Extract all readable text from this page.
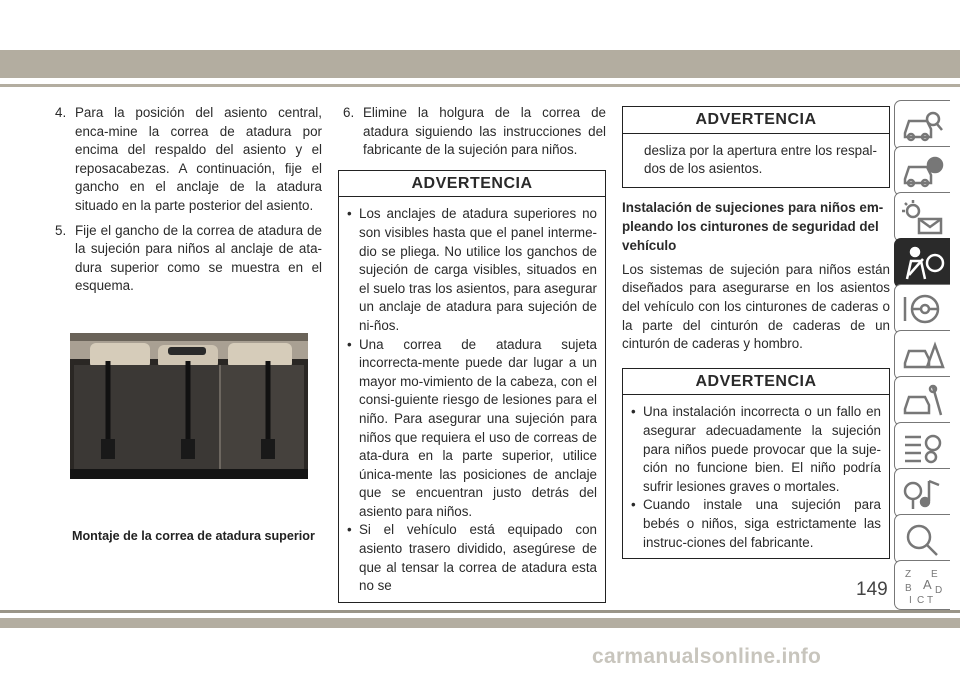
4. Para la posición del asiento central, enca-mine la correa de atadura por encima del respaldo del asiento y el reposacabezas. A continuación, fije el gancho en el anclaje de la atadura situado en la parte posterior del asiento.
5. Fije el gancho de la correa de atadura de la sujeción para niños al anclaje de ata-dura superior como se muestra en el esquema.
Montaje de la correa de atadura superior
6. Elimine la holgura de la correa de atadura siguiendo las instrucciones del fabricante de la sujeción para niños.
ADVERTENCIA
• Los anclajes de atadura superiores no son visibles hasta que el panel interme-dio se pliega. No utilice los ganchos de sujeción de carga visibles, situados en el suelo tras los asientos, para asegurar un anclaje de atadura para sujeción de ni-ños.
• Una correa de atadura sujeta incorrecta-mente puede dar lugar a un mayor mo-vimiento de la cabeza, con el consi-guiente riesgo de lesiones para el niño. Para asegurar una sujeción para niños que requiera el uso de correas de ata-dura en la parte superior, utilice única-mente las posiciones de anclaje que se encuentran justo detrás del asiento para niños.
• Si el vehículo está equipado con asiento trasero dividido, asegúrese de que al tensar la correa de atadura esta no se
ADVERTENCIA
desliza por la apertura entre los respal-dos de los asientos.
Instalación de sujeciones para niños em-pleando los cinturones de seguridad del vehículo
Los sistemas de sujeción para niños están diseñados para asegurarse en los asientos del vehículo con los cinturones de caderas o la parte del cinturón de caderas de un cinturón de caderas y hombro.
ADVERTENCIA
• Una instalación incorrecta o un fallo en asegurar adecuadamente la sujeción para niños puede provocar que la suje-ción no funcione bien. El niño podría sufrir lesiones graves o mortales.
• Cuando instale una sujeción para bebés o niños, siga estrictamente las instruc-ciones del fabricante.
Z E
B A D
I C T
149
carmanualsonline.info
